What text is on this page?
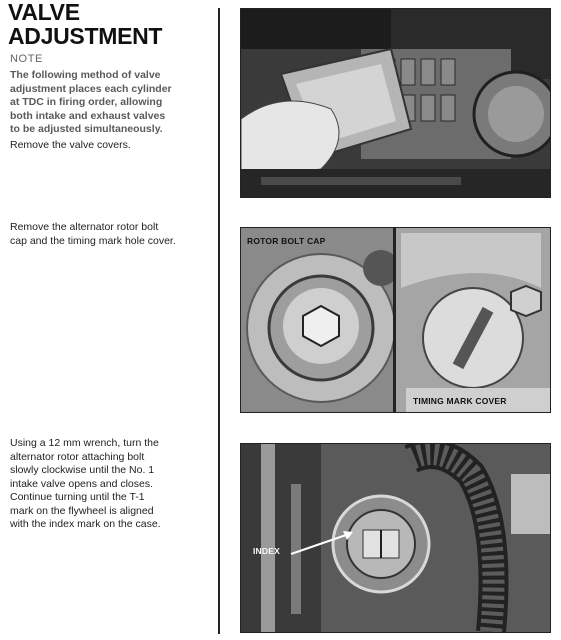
VALVE
ADJUSTMENT
NOTE
The following method of valve
adjustment places each cylinder
at TDC in firing order, allowing
both intake and exhaust valves
to be adjusted simultaneously.
Remove the valve covers.
Remove the alternator rotor bolt
cap and the timing mark hole cover.
Using a 12 mm wrench, turn the
alternator rotor attaching bolt
slowly clockwise until the No. 1
intake valve opens and closes.
Continue turning until the T-1
mark on the flywheel is aligned
with the index mark on the case.
ROTOR BOLT CAP
TIMING MARK COVER
INDEX
